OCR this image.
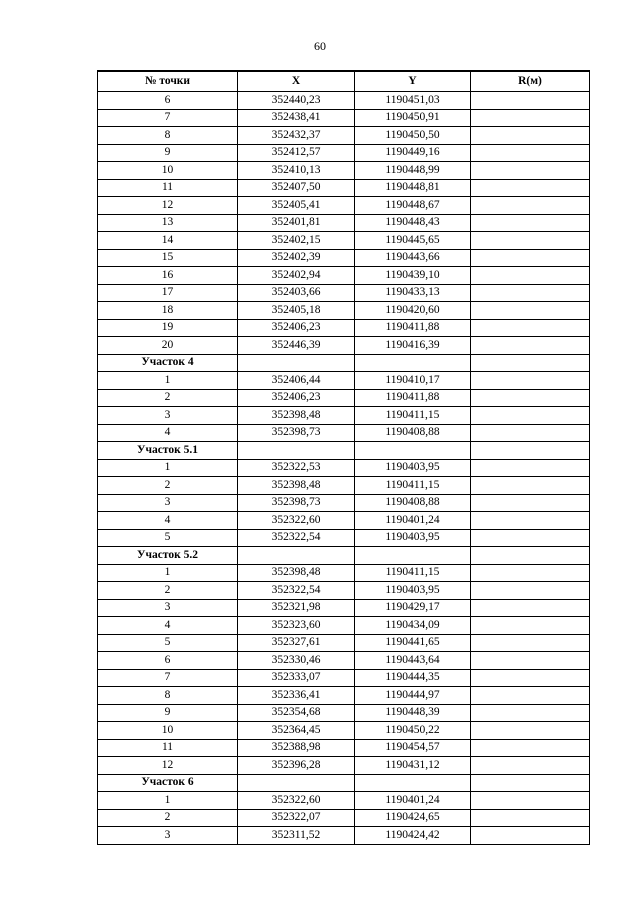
60
№ точки	X	Y	R(м)
6	352440,23	1190451,03	
7	352438,41	1190450,91	
8	352432,37	1190450,50	
9	352412,57	1190449,16	
10	352410,13	1190448,99	
11	352407,50	1190448,81	
12	352405,41	1190448,67	
13	352401,81	1190448,43	
14	352402,15	1190445,65	
15	352402,39	1190443,66	
16	352402,94	1190439,10	
17	352403,66	1190433,13	
18	352405,18	1190420,60	
19	352406,23	1190411,88	
20	352446,39	1190416,39	
Участок 4			
1	352406,44	1190410,17	
2	352406,23	1190411,88	
3	352398,48	1190411,15	
4	352398,73	1190408,88	
Участок 5.1			
1	352322,53	1190403,95	
2	352398,48	1190411,15	
3	352398,73	1190408,88	
4	352322,60	1190401,24	
5	352322,54	1190403,95	
Участок 5.2			
1	352398,48	1190411,15	
2	352322,54	1190403,95	
3	352321,98	1190429,17	
4	352323,60	1190434,09	
5	352327,61	1190441,65	
6	352330,46	1190443,64	
7	352333,07	1190444,35	
8	352336,41	1190444,97	
9	352354,68	1190448,39	
10	352364,45	1190450,22	
11	352388,98	1190454,57	
12	352396,28	1190431,12	
Участок 6			
1	352322,60	1190401,24	
2	352322,07	1190424,65	
3	352311,52	1190424,42	
